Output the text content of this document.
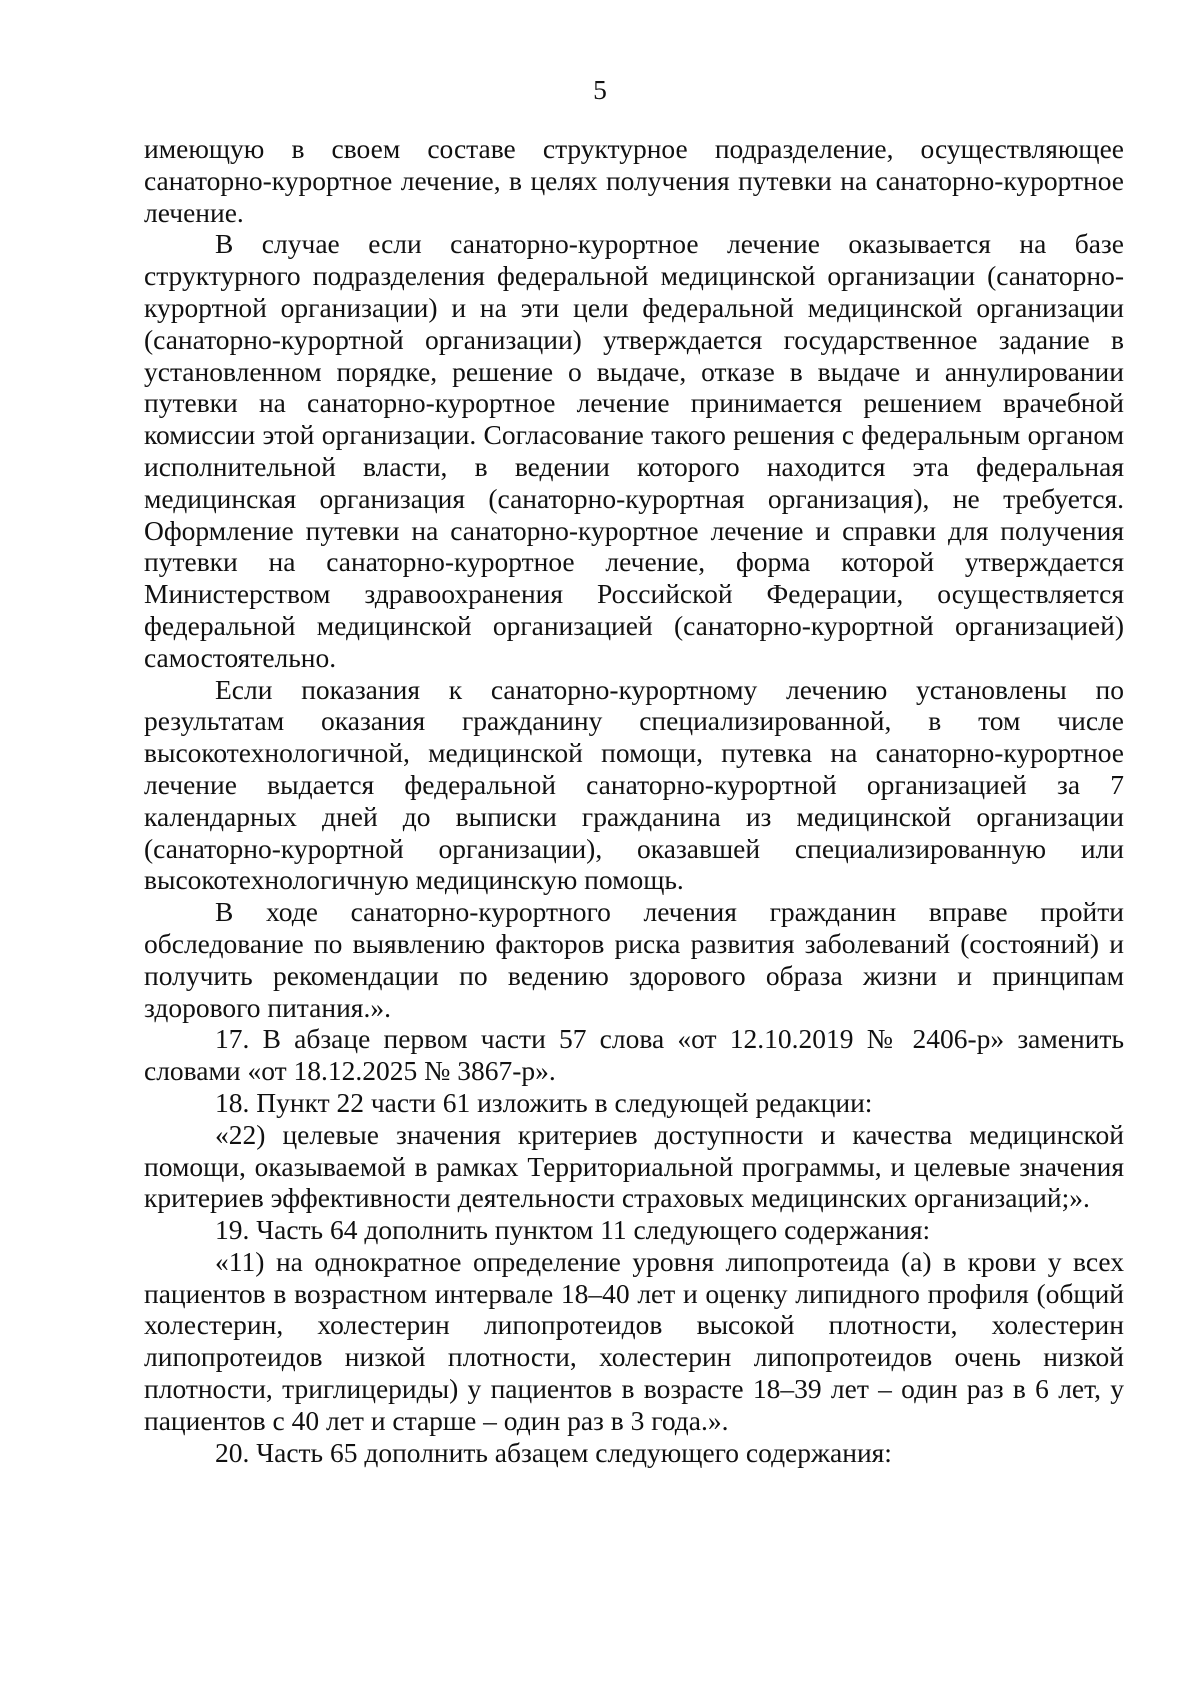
5

имеющую в своем составе структурное подразделение, осуществляющее санаторно-курортное лечение, в целях получения путевки на санаторно-курортное лечение.

В случае если санаторно-курортное лечение оказывается на базе структурного подразделения федеральной медицинской организации (санаторно-курортной организации) и на эти цели федеральной медицинской организации (санаторно-курортной организации) утверждается государственное задание в установленном порядке, решение о выдаче, отказе в выдаче и аннулировании путевки на санаторно-курортное лечение принимается решением врачебной комиссии этой организации. Согласование такого решения с федеральным органом исполнительной власти, в ведении которого находится эта федеральная медицинская организация (санаторно-курортная организация), не требуется. Оформление путевки на санаторно-курортное лечение и справки для получения путевки на санаторно-курортное лечение, форма которой утверждается Министерством здравоохранения Российской Федерации, осуществляется федеральной медицинской организацией (санаторно-курортной организацией) самостоятельно.

Если показания к санаторно-курортному лечению установлены по результатам оказания гражданину специализированной, в том числе высокотехнологичной, медицинской помощи, путевка на санаторно-курортное лечение выдается федеральной санаторно-курортной организацией за 7 календарных дней до выписки гражданина из медицинской организации (санаторно-курортной организации), оказавшей специализированную или высокотехнологичную медицинскую помощь.

В ходе санаторно-курортного лечения гражданин вправе пройти обследование по выявлению факторов риска развития заболеваний (состояний) и получить рекомендации по ведению здорового образа жизни и принципам здорового питания.».

17. В абзаце первом части 57 слова «от 12.10.2019 № 2406-р» заменить словами «от 18.12.2025 № 3867-р».

18. Пункт 22 части 61 изложить в следующей редакции:

«22) целевые значения критериев доступности и качества медицинской помощи, оказываемой в рамках Территориальной программы, и целевые значения критериев эффективности деятельности страховых медицинских организаций;».

19. Часть 64 дополнить пунктом 11 следующего содержания:

«11) на однократное определение уровня липопротеида (а) в крови у всех пациентов в возрастном интервале 18–40 лет и оценку липидного профиля (общий холестерин, холестерин липопротеидов высокой плотности, холестерин липопротеидов низкой плотности, холестерин липопротеидов очень низкой плотности, триглицериды) у пациентов в возрасте 18–39 лет – один раз в 6 лет, у пациентов с 40 лет и старше – один раз в 3 года.».

20. Часть 65 дополнить абзацем следующего содержания:
